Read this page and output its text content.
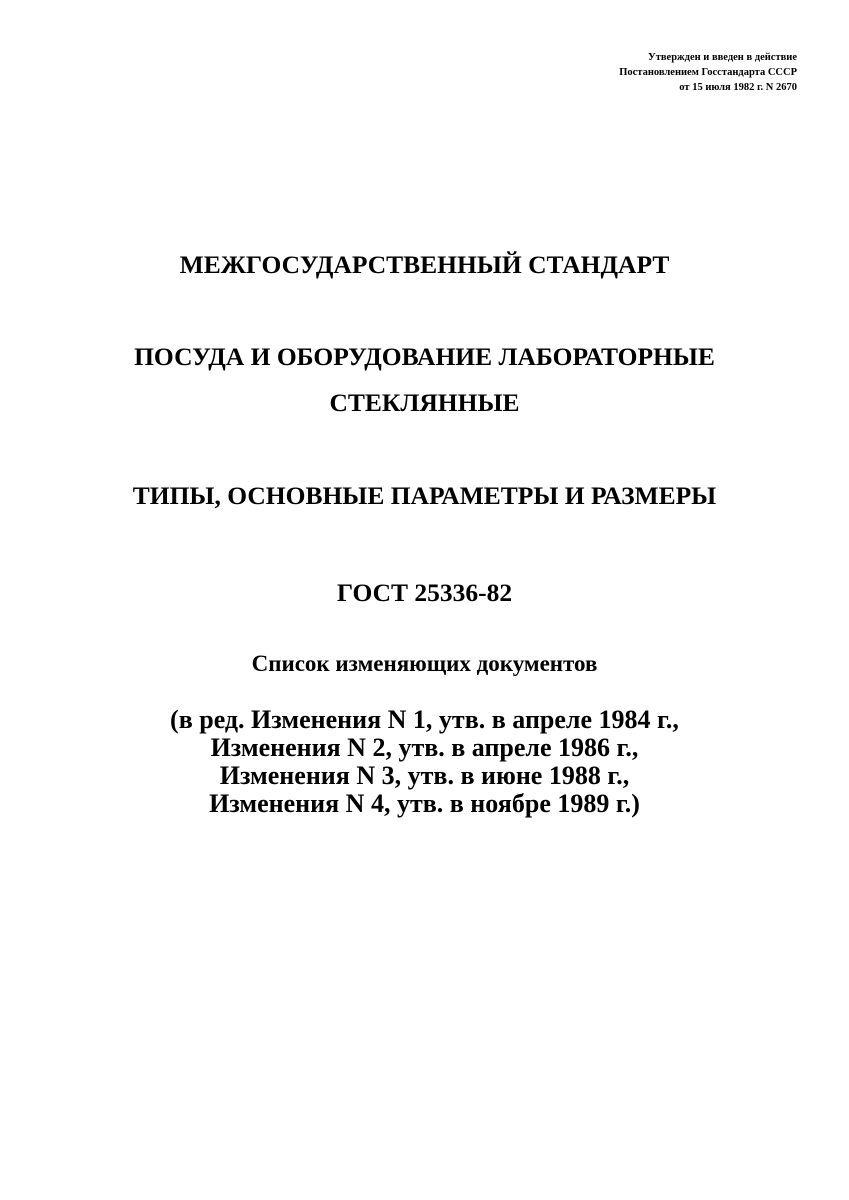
Утвержден и введен в действие
Постановлением Госстандарта СССР
от 15 июля 1982 г. N 2670
МЕЖГОСУДАРСТВЕННЫЙ СТАНДАРТ
ПОСУДА И ОБОРУДОВАНИЕ ЛАБОРАТОРНЫЕ
СТЕКЛЯННЫЕ
ТИПЫ, ОСНОВНЫЕ ПАРАМЕТРЫ И РАЗМЕРЫ
ГОСТ 25336-82
Список изменяющих документов
(в ред. Изменения N 1, утв. в апреле 1984 г.,
Изменения N 2, утв. в апреле 1986 г.,
Изменения N 3, утв. в июне 1988 г.,
Изменения N 4, утв. в ноябре 1989 г.)
